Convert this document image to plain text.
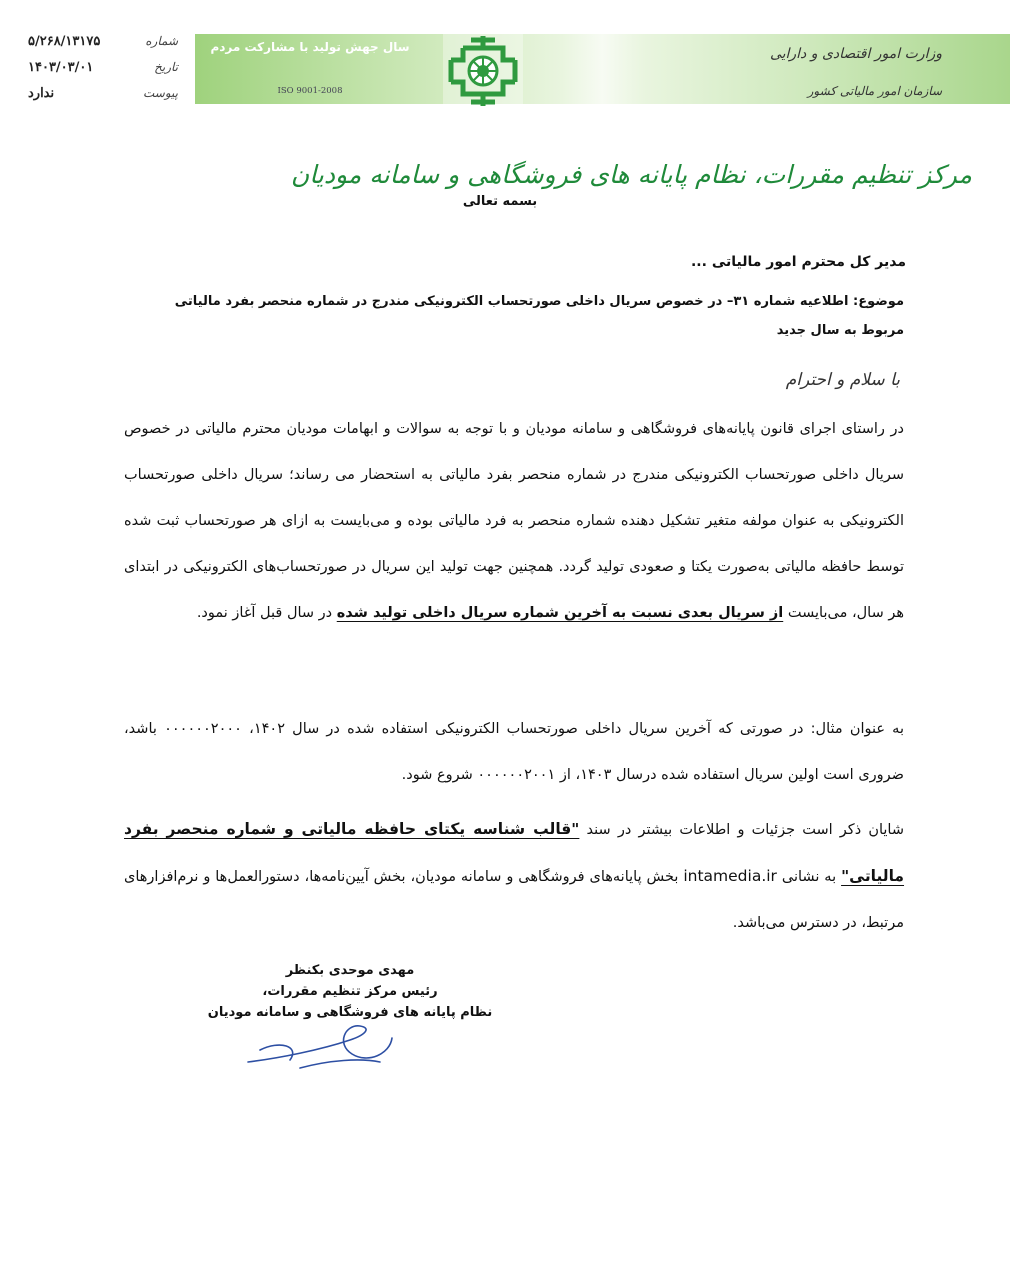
شماره
۵/۲۶۸/۱۳۱۷۵
تاریخ
۱۴۰۳/۰۳/۰۱
پیوست
ندارد
سال جهش تولید با مشارکت مردم
ISO 9001-2008
وزارت امور اقتصادی و دارایی
سازمان امور مالیاتی کشور
مرکز تنظیم مقررات، نظام پایانه های فروشگاهی و سامانه مودیان
بسمه تعالی
مدیر کل محترم امور مالیاتی ...
موضوع: اطلاعیه شماره ۳۱– در خصوص سریال داخلی صورتحساب الکترونیکی مندرج در شماره منحصر بفرد مالیاتی مربوط به سال جدید
با سلام و احترام
در راستای اجرای قانون پایانه‌های فروشگاهی و سامانه مودیان و با توجه به سوالات و ابهامات مودیان محترم مالیاتی در خصوص سریال داخلی صورتحساب الکترونیکی مندرج در شماره منحصر بفرد مالیاتی به استحضار می رساند؛ سریال داخلی صورتحساب الکترونیکی به عنوان مولفه متغیر تشکیل دهنده شماره منحصر به فرد مالیاتی بوده و می‌بایست به ازای هر صورتحساب ثبت شده توسط حافظه مالیاتی به‌صورت یکتا و صعودی تولید گردد. همچنین جهت تولید این سریال در صورتحساب‌های الکترونیکی در ابتدای هر سال، می‌بایست از سریال بعدی نسبت به آخرین شماره سریال داخلی تولید شده در سال قبل آغاز نمود.
به عنوان مثال: در صورتی که آخرین سریال داخلی صورتحساب الکترونیکی استفاده شده در سال ۱۴۰۲، ۰۰۰۰۰۰۲۰۰۰ باشد، ضروری است اولین سریال استفاده شده درسال ۱۴۰۳، از ۰۰۰۰۰۰۲۰۰۱ شروع شود.
شایان ذکر است جزئیات و اطلاعات بیشتر در سند "قالب شناسه یکتای حافظه مالیاتی و شماره منحصر بفرد مالیاتی" به نشانی intamedia.ir بخش پایانه‌های فروشگاهی و سامانه مودیان، بخش آیین‌نامه‌ها، دستورالعمل‌ها و نرم‌افزارهای مرتبط، در دسترس می‌باشد.
مهدی موحدی بکنظر
رئیس مرکز تنظیم مقررات،
نظام پایانه های فروشگاهی و سامانه مودیان
